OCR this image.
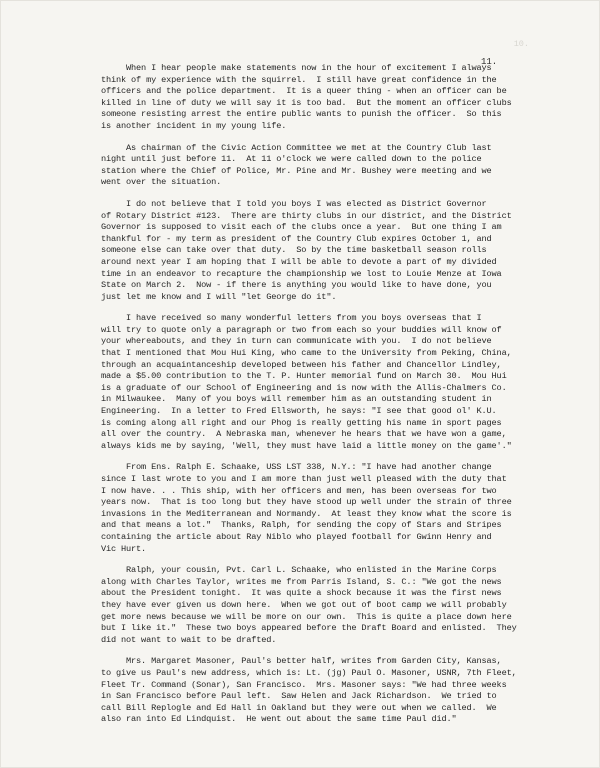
10.
11.
When I hear people make statements now in the hour of excitement I always
think of my experience with the squirrel.  I still have great confidence in the
officers and the police department.  It is a queer thing - when an officer can be
killed in line of duty we will say it is too bad.  But the moment an officer clubs
someone resisting arrest the entire public wants to punish the officer.  So this
is another incident in my young life.
As chairman of the Civic Action Committee we met at the Country Club last
night until just before 11.  At 11 o'clock we were called down to the police
station where the Chief of Police, Mr. Pine and Mr. Bushey were meeting and we
went over the situation.
I do not believe that I told you boys I was elected as District Governor
of Rotary District #123.  There are thirty clubs in our district, and the District
Governor is supposed to visit each of the clubs once a year.  But one thing I am
thankful for - my term as president of the Country Club expires October 1, and
someone else can take over that duty.  So by the time basketball season rolls
around next year I am hoping that I will be able to devote a part of my divided
time in an endeavor to recapture the championship we lost to Louie Menze at Iowa
State on March 2.  Now - if there is anything you would like to have done, you
just let me know and I will "let George do it".
I have received so many wonderful letters from you boys overseas that I
will try to quote only a paragraph or two from each so your buddies will know of
your whereabouts, and they in turn can communicate with you.  I do not believe
that I mentioned that Mou Hui King, who came to the University from Peking, China,
through an acquaintanceship developed between his father and Chancellor Lindley,
made a $5.00 contribution to the T. P. Hunter memorial fund on March 30.  Mou Hui
is a graduate of our School of Engineering and is now with the Allis-Chalmers Co.
in Milwaukee.  Many of you boys will remember him as an outstanding student in
Engineering.  In a letter to Fred Ellsworth, he says: "I see that good ol' K.U.
is coming along all right and our Phog is really getting his name in sport pages
all over the country.  A Nebraska man, whenever he hears that we have won a game,
always kids me by saying, 'Well, they must have laid a little money on the game'."
From Ens. Ralph E. Schaake, USS LST 338, N.Y.: "I have had another change
since I last wrote to you and I am more than just well pleased with the duty that
I now have. . . This ship, with her officers and men, has been overseas for two
years now.  That is too long but they have stood up well under the strain of three
invasions in the Mediterranean and Normandy.  At least they know what the score is
and that means a lot."  Thanks, Ralph, for sending the copy of Stars and Stripes
containing the article about Ray Niblo who played football for Gwinn Henry and
Vic Hurt.
Ralph, your cousin, Pvt. Carl L. Schaake, who enlisted in the Marine Corps
along with Charles Taylor, writes me from Parris Island, S. C.: "We got the news
about the President tonight.  It was quite a shock because it was the first news
they have ever given us down here.  When we got out of boot camp we will probably
get more news because we will be more on our own.  This is quite a place down here
but I like it."  These two boys appeared before the Draft Board and enlisted.  They
did not want to wait to be drafted.
Mrs. Margaret Masoner, Paul's better half, writes from Garden City, Kansas,
to give us Paul's new address, which is: Lt. (jg) Paul O. Masoner, USNR, 7th Fleet,
Fleet Tr. Command (Sonar), San Francisco.  Mrs. Masoner says: "We had three weeks
in San Francisco before Paul left.  Saw Helen and Jack Richardson.  We tried to
call Bill Replogle and Ed Hall in Oakland but they were out when we called.  We
also ran into Ed Lindquist.  He went out about the same time Paul did."
